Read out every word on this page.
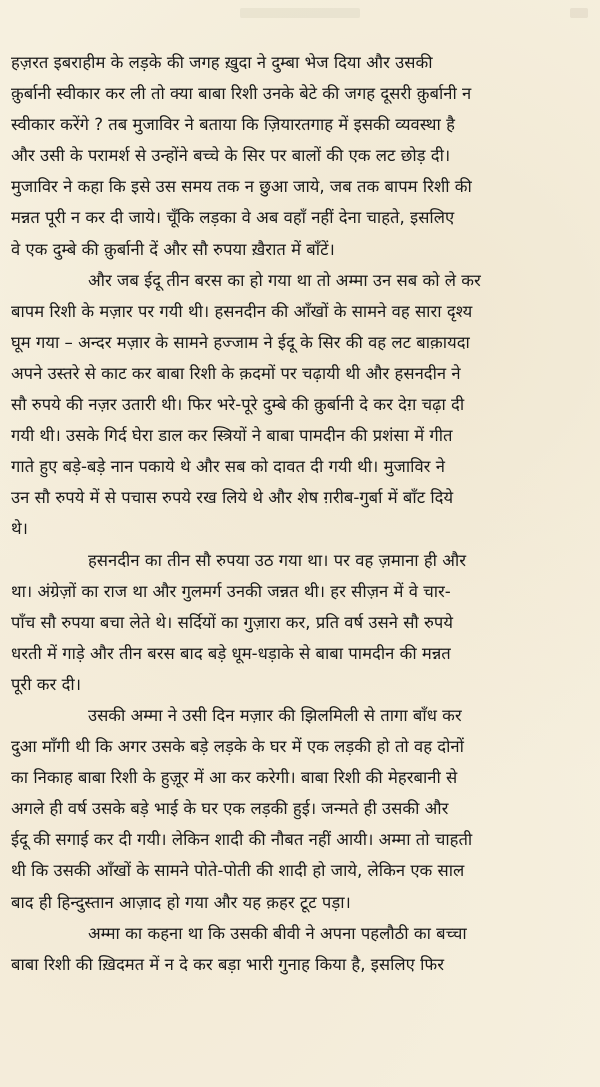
हज़रत इबराहीम के लड़के की जगह ख़ुदा ने दुम्बा भेज दिया और उसकी
क़ुर्बानी स्वीकार कर ली तो क्या बाबा रिशी उनके बेटे की जगह दूसरी क़ुर्बानी न
स्वीकार करेंगे ? तब मुजाविर ने बताया कि ज़ियारतगाह में इसकी व्यवस्था है
और उसी के परामर्श से उन्होंने बच्चे के सिर पर बालों की एक लट छोड़ दी।
मुजाविर ने कहा कि इसे उस समय तक न छुआ जाये, जब तक बापम रिशी की
मन्नत पूरी न कर दी जाये। चूँकि लड़का वे अब वहाँ नहीं देना चाहते, इसलिए
वे एक दुम्बे की क़ुर्बानी दें और सौ रुपया ख़ैरात में बाँटें।
और जब ईदू तीन बरस का हो गया था तो अम्मा उन सब को ले कर
बापम रिशी के मज़ार पर गयी थी। हसनदीन की आँखों के सामने वह सारा दृश्य
घूम गया – अन्दर मज़ार के सामने हज्जाम ने ईदू के सिर की वह लट बाक़ायदा
अपने उस्तरे से काट कर बाबा रिशी के क़दमों पर चढ़ायी थी और हसनदीन ने
सौ रुपये की नज़र उतारी थी। फिर भरे-पूरे दुम्बे की क़ुर्बानी दे कर देग़ चढ़ा दी
गयी थी। उसके गिर्द घेरा डाल कर स्त्रियों ने बाबा पामदीन की प्रशंसा में गीत
गाते हुए बड़े-बड़े नान पकाये थे और सब को दावत दी गयी थी। मुजाविर ने
उन सौ रुपये में से पचास रुपये रख लिये थे और शेष ग़रीब-गुर्बा में बाँट दिये
थे।
हसनदीन का तीन सौ रुपया उठ गया था। पर वह ज़माना ही और
था। अंग्रेज़ों का राज था और गुलमर्ग उनकी जन्नत थी। हर सीज़न में वे चार-
पाँच सौ रुपया बचा लेते थे। सर्दियों का गुज़ारा कर, प्रति वर्ष उसने सौ रुपये
धरती में गाड़े और तीन बरस बाद बड़े धूम-धड़ाके से बाबा पामदीन की मन्नत
पूरी कर दी।
उसकी अम्मा ने उसी दिन मज़ार की झिलमिली से तागा बाँध कर
दुआ माँगी थी कि अगर उसके बड़े लड़के के घर में एक लड़की हो तो वह दोनों
का निकाह बाबा रिशी के हुज़ूर में आ कर करेगी। बाबा रिशी की मेहरबानी से
अगले ही वर्ष उसके बड़े भाई के घर एक लड़की हुई। जन्मते ही उसकी और
ईदू की सगाई कर दी गयी। लेकिन शादी की नौबत नहीं आयी। अम्मा तो चाहती
थी कि उसकी आँखों के सामने पोते-पोती की शादी हो जाये, लेकिन एक साल
बाद ही हिन्दुस्तान आज़ाद हो गया और यह क़हर टूट पड़ा।
अम्मा का कहना था कि उसकी बीवी ने अपना पहलौठी का बच्चा
बाबा रिशी की ख़िदमत में न दे कर बड़ा भारी गुनाह किया है, इसलिए फिर
